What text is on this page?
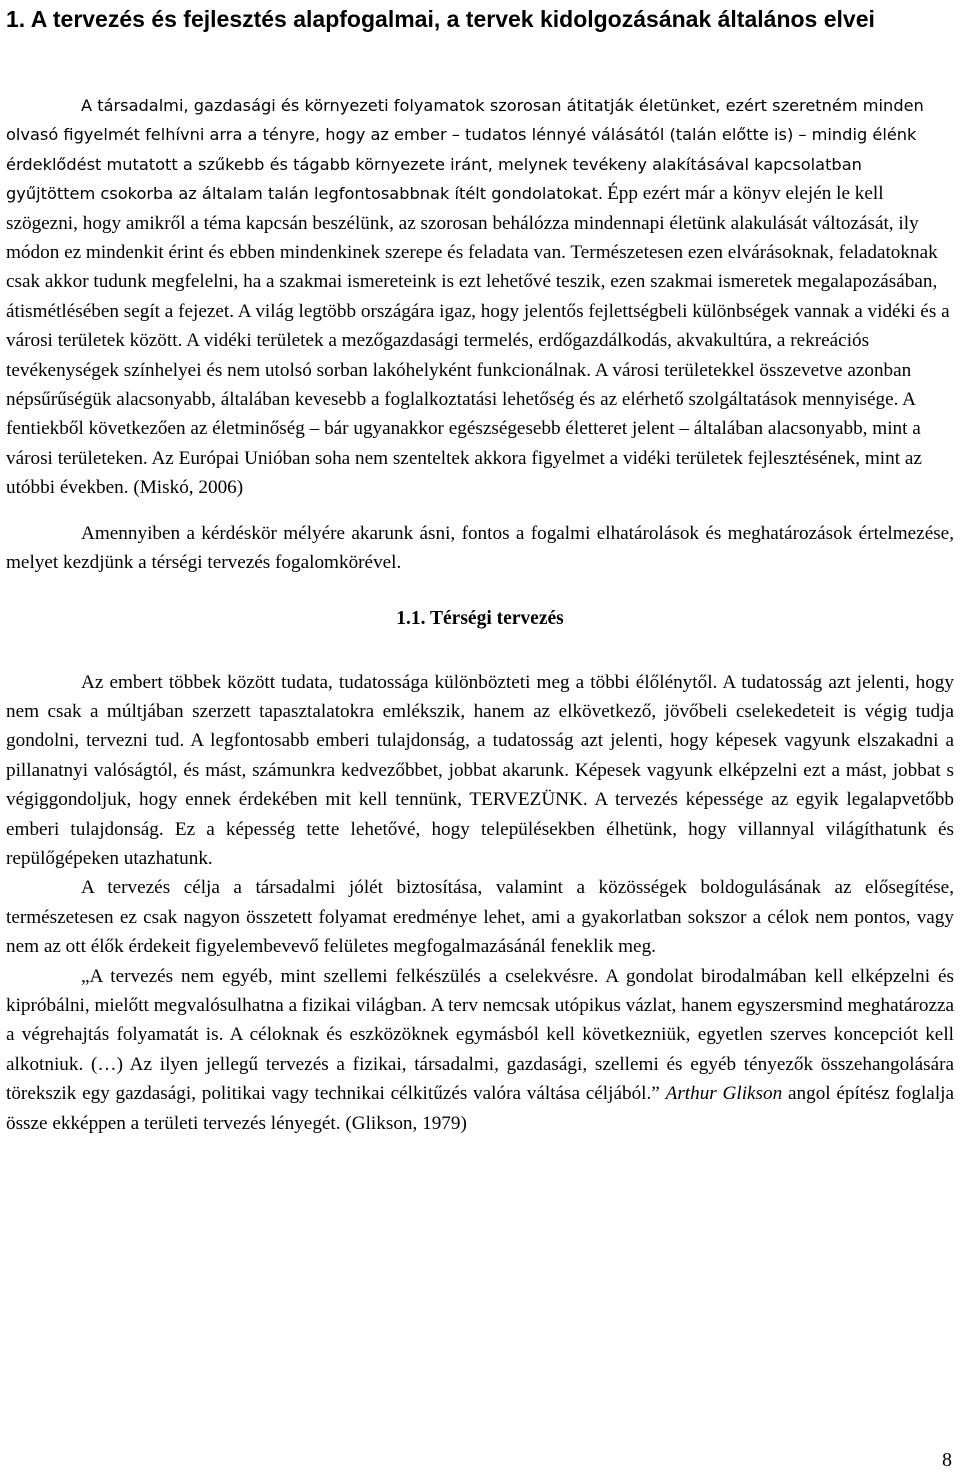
1. A tervezés és fejlesztés alapfogalmai, a tervek kidolgozásának általános elvei

A társadalmi, gazdasági és környezeti folyamatok szorosan átitatják életünket, ezért szeretném minden olvasó figyelmét felhívni arra a tényre, hogy az ember – tudatos lénnyé válásától (talán előtte is) – mindig élénk érdeklődést mutatott a szűkebb és tágabb környezete iránt, melynek tevékeny alakításával kapcsolatban gyűjtöttem csokorba az általam talán legfontosabbnak ítélt gondolatokat. Épp ezért már a könyv elején le kell szögezni, hogy amikről a téma kapcsán beszélünk, az szorosan behálózza mindennapi életünk alakulását változását, ily módon ez mindenkit érint és ebben mindenkinek szerepe és feladata van. Természetesen ezen elvárásoknak, feladatoknak csak akkor tudunk megfelelni, ha a szakmai ismereteink is ezt lehetővé teszik, ezen szakmai ismeretek megalapozásában, átismétlésében segít a fejezet. A világ legtöbb országára igaz, hogy jelentős fejlettségbeli különbségek vannak a vidéki és a városi területek között. A vidéki területek a mezőgazdasági termelés, erdőgazdálkodás, akvakultúra, a rekreációs tevékenységek színhelyei és nem utolsó sorban lakóhelyként funkcionálnak. A városi területekkel összevetve azonban népsűrűségük alacsonyabb, általában kevesebb a foglalkoztatási lehetőség és az elérhető szolgáltatások mennyisége. A fentiekből következően az életminőség – bár ugyanakkor egészségesebb életteret jelent – általában alacsonyabb, mint a városi területeken. Az Európai Unióban soha nem szenteltek akkora figyelmet a vidéki területek fejlesztésének, mint az utóbbi években. (Miskó, 2006)

Amennyiben a kérdéskör mélyére akarunk ásni, fontos a fogalmi elhatárolások és meghatározások értelmezése, melyet kezdjünk a térségi tervezés fogalomkörével.

1.1. Térségi tervezés

Az embert többek között tudata, tudatossága különbözteti meg a többi élőlénytől. A tudatosság azt jelenti, hogy nem csak a múltjában szerzett tapasztalatokra emlékszik, hanem az elkövetkező, jövőbeli cselekedeteit is végig tudja gondolni, tervezni tud. A legfontosabb emberi tulajdonság, a tudatosság azt jelenti, hogy képesek vagyunk elszakadni a pillanatnyi valóságtól, és mást, számunkra kedvezőbbet, jobbat akarunk. Képesek vagyunk elképzelni ezt a mást, jobbat s végiggondoljuk, hogy ennek érdekében mit kell tennünk, TERVEZÜNK. A tervezés képessége az egyik legalapvetőbb emberi tulajdonság. Ez a képesség tette lehetővé, hogy településekben élhetünk, hogy villannyal világíthatunk és repülőgépeken utazhatunk.

A tervezés célja a társadalmi jólét biztosítása, valamint a közösségek boldogulásának az elősegítése, természetesen ez csak nagyon összetett folyamat eredménye lehet, ami a gyakorlatban sokszor a célok nem pontos, vagy nem az ott élők érdekeit figyelembevevő felületes megfogalmazásánál feneklik meg.

„A tervezés nem egyéb, mint szellemi felkészülés a cselekvésre. A gondolat birodalmában kell elképzelni és kipróbálni, mielőtt megvalósulhatna a fizikai világban. A terv nemcsak utópikus vázlat, hanem egyszersmind meghatározza a végrehajtás folyamatát is. A céloknak és eszközöknek egymásból kell következniük, egyetlen szerves koncepciót kell alkotniuk. (…) Az ilyen jellegű tervezés a fizikai, társadalmi, gazdasági, szellemi és egyéb tényezők összehangolására törekszik egy gazdasági, politikai vagy technikai célkitűzés valóra váltása céljából.” Arthur Glikson angol építész foglalja össze ekképpen a területi tervezés lényegét. (Glikson, 1979)

8
